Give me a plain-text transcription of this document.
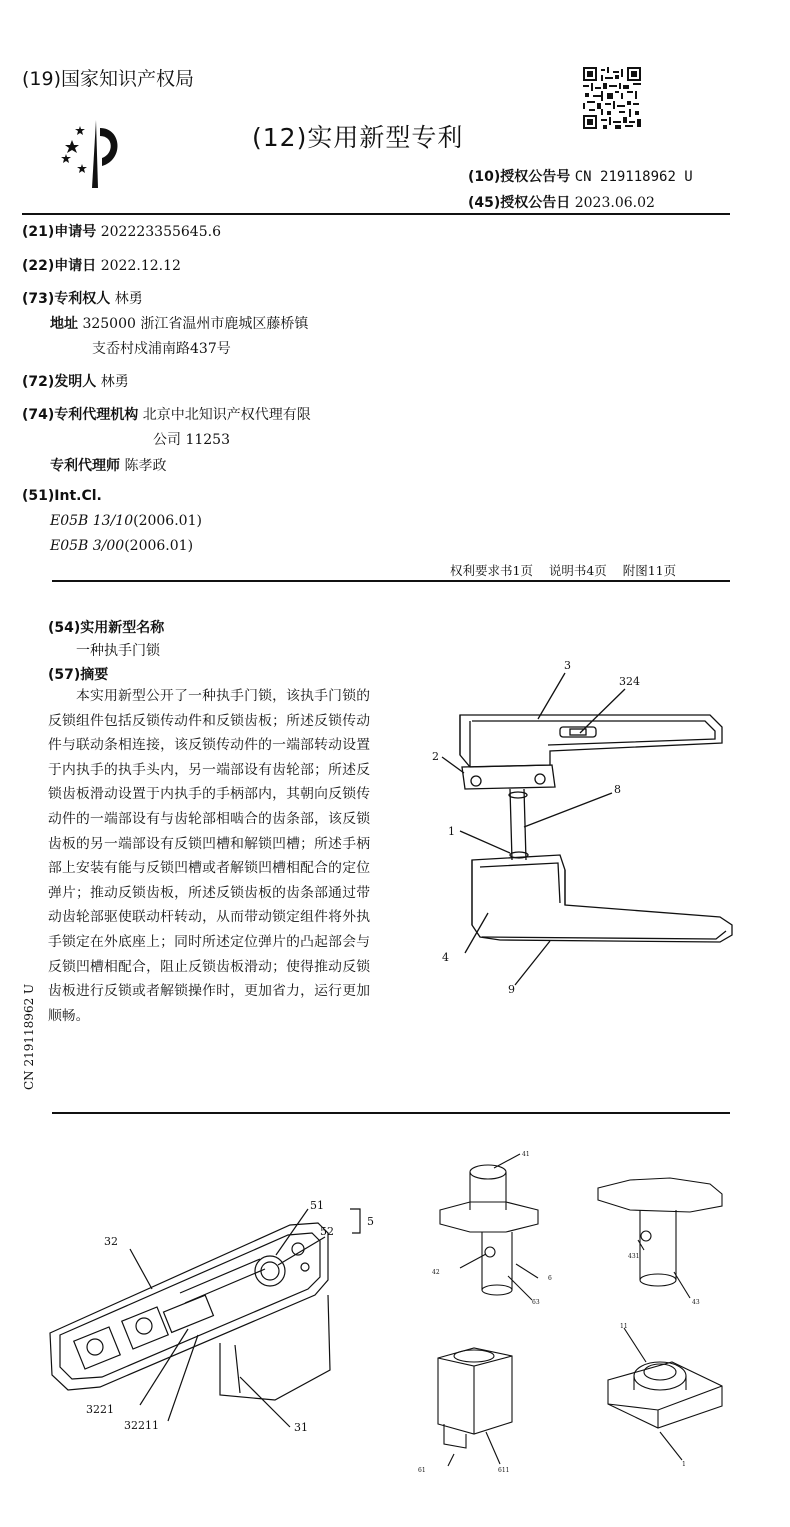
(19)国家知识产权局
(12)实用新型专利
(10)授权公告号 CN 219118962 U
(45)授权公告日 2023.06.02
(21)申请号 202223355645.6
(22)申请日 2022.12.12
(73)专利权人 林勇
地址 325000 浙江省温州市鹿城区藤桥镇
支岙村戍浦南路437号
(72)发明人 林勇
(74)专利代理机构 北京中北知识产权代理有限
公司 11253
专利代理师 陈孝政
(51)Int.Cl.
E05B 13/10(2006.01)
E05B 3/00(2006.01)
权利要求书1页    说明书4页    附图11页
(54)实用新型名称
一种执手门锁
(57)摘要

本实用新型公开了一种执手门锁，该执手门锁的反锁组件包括反锁传动件和反锁齿板；所述反锁传动件与联动条相连接，该反锁传动件的一端部转动设置于内执手的执手头内，另一端部设有齿轮部；所述反锁齿板滑动设置于内执手的手柄部内，其朝向反锁传动件的一端部设有与齿轮部相啮合的齿条部，该反锁齿板的另一端部设有反锁凹槽和解锁凹槽；所述手柄部上安装有能与反锁凹槽或者解锁凹槽相配合的定位弹片；推动反锁齿板，所述反锁齿板的齿条部通过带动齿轮部驱使联动杆转动，从而带动锁定组件将外执手锁定在外底座上；同时所述定位弹片的凸起部会与反锁凹槽相配合，阻止反锁齿板滑动；使得推动反锁齿板进行反锁或者解锁操作时，更加省力，运行更加顺畅。

CN 219118962 U
3
324
2
8
1
4
9
32
51
52
5
3221
32211	31
41
42
6
63
431
43
61	611
11
1
